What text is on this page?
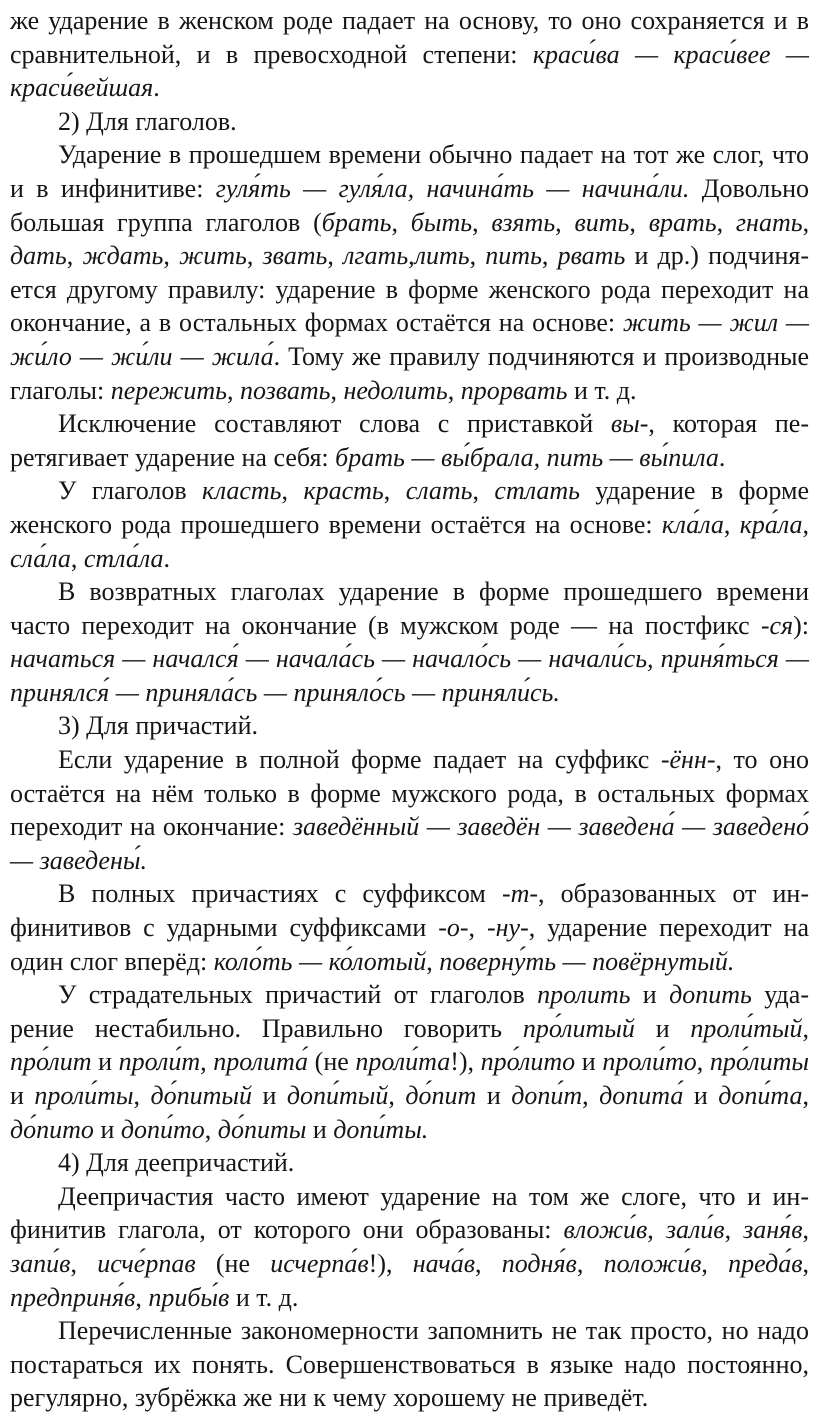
же ударение в женском роде падает на основу, то оно сохраняется и в сравнительной, и в превосходной степени: краси́ва — краси́вее — краси́вейшая.

2) Для глаголов.

Ударение в прошедшем времени обычно падает на тот же слог, что и в инфинитиве: гуля́ть — гуля́ла, начина́ть — начина́ли. Довольно большая группа глаголов (брать, быть, взять, вить, врать, гнать, дать, ждать, жить, звать, лгать,лить, пить, рвать и др.) подчиняется другому правилу: ударение в форме женского рода переходит на окончание, а в остальных формах остаётся на основе: жить — жил — жи́ло — жи́ли — жила́. Тому же правилу подчиняются и производные глаголы: пережить, позвать, недолить, прорвать и т. д.

Исключение составляют слова с приставкой вы-, которая перетягивает ударение на себя: брать — вы́брала, пить — вы́пила.

У глаголов класть, красть, слать, стлать ударение в форме женского рода прошедшего времени остаётся на основе: кла́ла, кра́ла, сла́ла, стла́ла.

В возвратных глаголах ударение в форме прошедшего времени часто переходит на окончание (в мужском роде — на постфикс -ся): начаться — начался́ — начала́сь — начало́сь — начали́сь, приня́ться — принялся́ — приняла́сь — приняло́сь — приняли́сь.

3) Для причастий.

Если ударение в полной форме падает на суффикс -ённ-, то оно остаётся на нём только в форме мужского рода, в остальных формах переходит на окончание: заведённый — заведён — заведена́ — заведено́ — заведены́.

В полных причастиях с суффиксом -т-, образованных от инфинитивов с ударными суффиксами -о-, -ну-, ударение переходит на один слог вперёд: коло́ть — ко́лотый, поверну́ть — повёрнутый.

У страдательных причастий от глаголов пролить и допить ударение нестабильно. Правильно говорить про́литый и проли́тый, про́лит и проли́т, пролита́ (не проли́та!), про́лито и проли́то, про́литы и проли́ты, до́питый и допи́тый, до́пит и допи́т, допита́ и допи́та, до́пито и допи́то, до́питы и допи́ты.

4) Для деепричастий.

Деепричастия часто имеют ударение на том же слоге, что и инфинитив глагола, от которого они образованы: вложи́в, зали́в, заня́в, запи́в, исче́рпав (не исчерпа́в!), нача́в, подня́в, положи́в, преда́в, предприня́в, прибы́в и т. д.

Перечисленные закономерности запомнить не так просто, но надо постараться их понять. Совершенствоваться в языке надо постоянно, регулярно, зубрёжка же ни к чему хорошему не приведёт.
